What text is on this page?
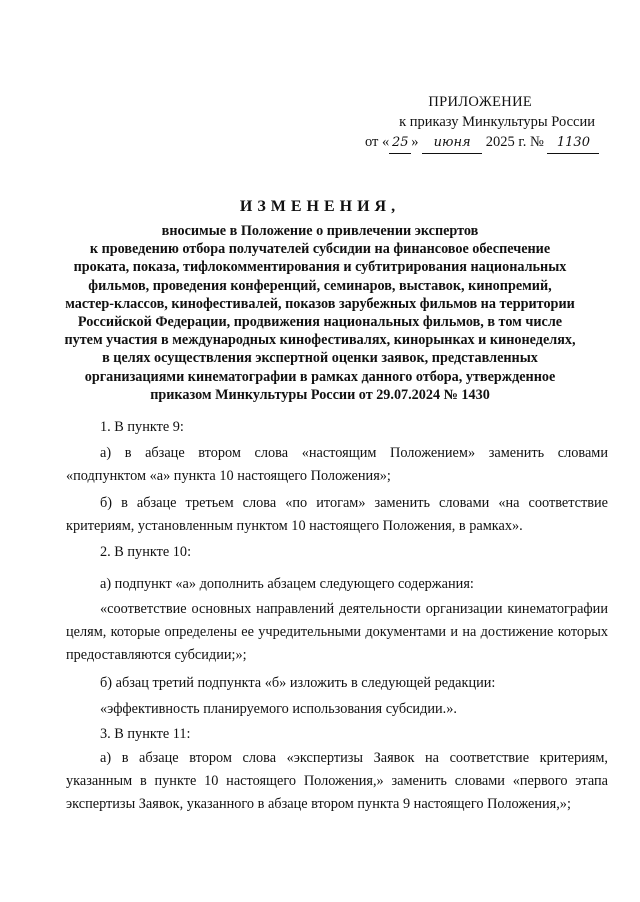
ПРИЛОЖЕНИЕ
к приказу Минкультуры России
от « 25 » июня 2025 г. № 1130
ИЗМЕНЕНИЯ,
вносимые в Положение о привлечении экспертов
к проведению отбора получателей субсидии на финансовое обеспечение
проката, показа, тифлокомментирования и субтитрирования национальных
фильмов, проведения конференций, семинаров, выставок, кинопремий,
мастер-классов, кинофестивалей, показов зарубежных фильмов на территории
Российской Федерации, продвижения национальных фильмов, в том числе
путем участия в международных кинофестивалях, кинорынках и кинонеделях,
в целях осуществления экспертной оценки заявок, представленных
организациями кинематографии в рамках данного отбора, утвержденное
приказом Минкультуры России от 29.07.2024 № 1430
1. В пункте 9:
а) в абзаце втором слова «настоящим Положением» заменить словами «подпунктом «а» пункта 10 настоящего Положения»;
б) в абзаце третьем слова «по итогам» заменить словами «на соответствие критериям, установленным пунктом 10 настоящего Положения, в рамках».
2. В пункте 10:
а) подпункт «а» дополнить абзацем следующего содержания:
«соответствие основных направлений деятельности организации кинематографии целям, которые определены ее учредительными документами и на достижение которых предоставляются субсидии;»;
б) абзац третий подпункта «б» изложить в следующей редакции:
«эффективность планируемого использования субсидии.».
3. В пункте 11:
а) в абзаце втором слова «экспертизы Заявок на соответствие критериям, указанным в пункте 10 настоящего Положения,» заменить словами «первого этапа экспертизы Заявок, указанного в абзаце втором пункта 9 настоящего Положения,»;
